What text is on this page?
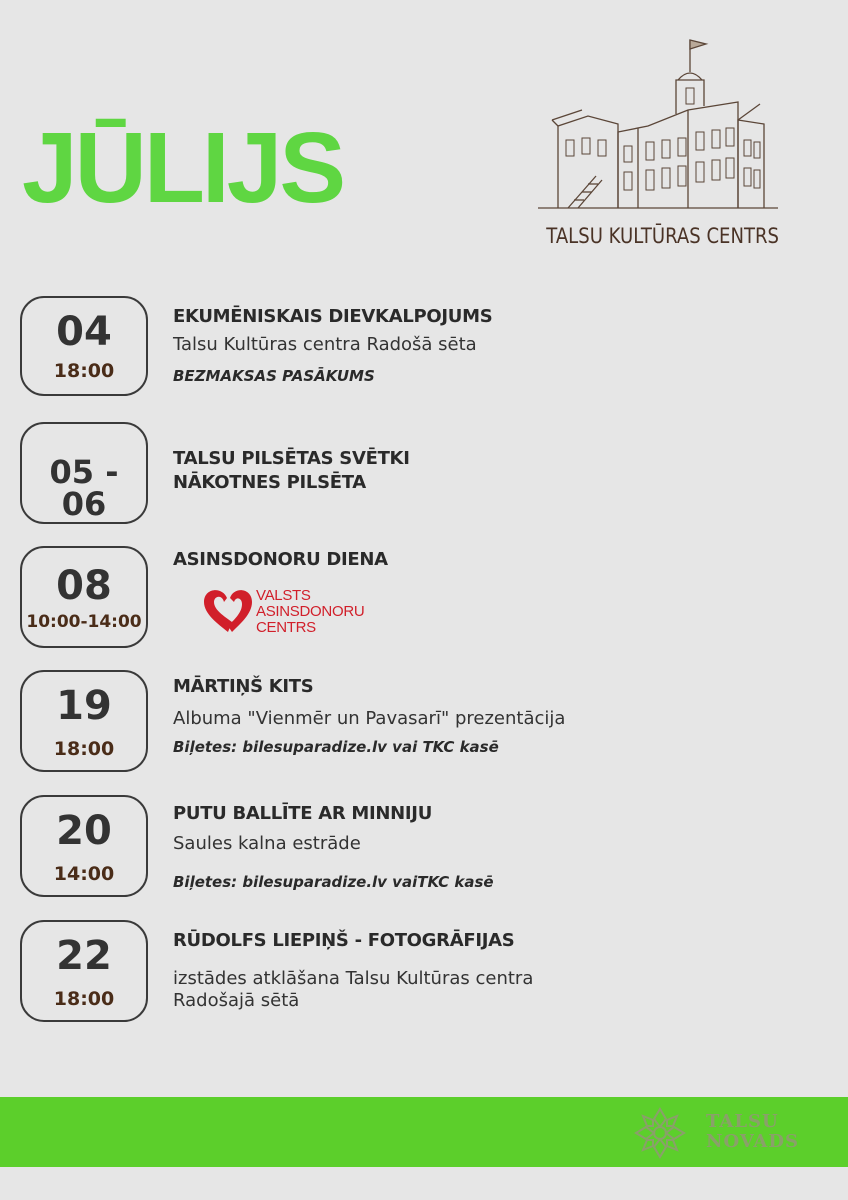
JŪLIJS
TALSU KULTŪRAS CENTRS
04
18:00
EKUMĒNISKAIS DIEVKALPOJUMS
Talsu Kultūras centra Radošā sēta
BEZMAKSAS PASĀKUMS
05 - 06
TALSU PILSĒTAS SVĒTKI
NĀKOTNES PILSĒTA
08
10:00-14:00
ASINSDONORU DIENA
VALSTS
ASINSDONORU
CENTRS
19
18:00
MĀRTIŅŠ KITS
Albuma "Vienmēr un Pavasarī" prezentācija
Biļetes: bilesuparadize.lv vai TKC kasē
20
14:00
PUTU BALLĪTE AR MINNIJU
Saules kalna estrāde
Biļetes: bilesuparadize.lv vaiTKC kasē
22
18:00
RŪDOLFS LIEPIŅŠ - FOTOGRĀFIJAS
izstādes atklāšana Talsu Kultūras centra
Radošajā sētā
TALSU
NOVADS
